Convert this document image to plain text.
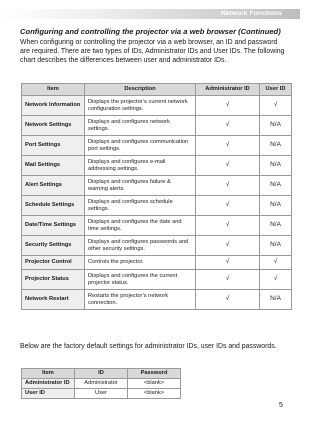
Network Functions
Configuring and controlling the projector via a web browser (Continued)
When configuring or controlling the projector via a web browser, an ID and password are required. There are two types of IDs, Administrator IDs and User IDs. The following chart describes the differences between user and administrator IDs.
Item	Description	Administrator ID	User ID
Network Information	Displays the projector’s current network configuration settings.	√	√
Network Settings	Displays and configures network settings.	√	N/A
Port Settings	Displays and configures communication port settings.	√	N/A
Mail Settings	Displays and configures e-mail addressing settings.	√	N/A
Alert Settings	Displays and configures failure & warning alerts.	√	N/A
Schedule Settings	Displays and configures schedule settings.	√	N/A
Date/Time Settings	Displays and configures the date and time settings.	√	N/A
Security Settings	Displays and configures passwords and other security settings.	√	N/A
Projector Control	Controls the projector.	√	√
Projector Status	Displays and configures the current projector status.	√	√
Network Restart	Restarts the projector’s network connection.	√	N/A
Below are the factory default settings for administrator IDs, user IDs and passwords.
Item	ID	Password
Administrator ID	Administrator	<blank>
User ID	User	<blank>
5
